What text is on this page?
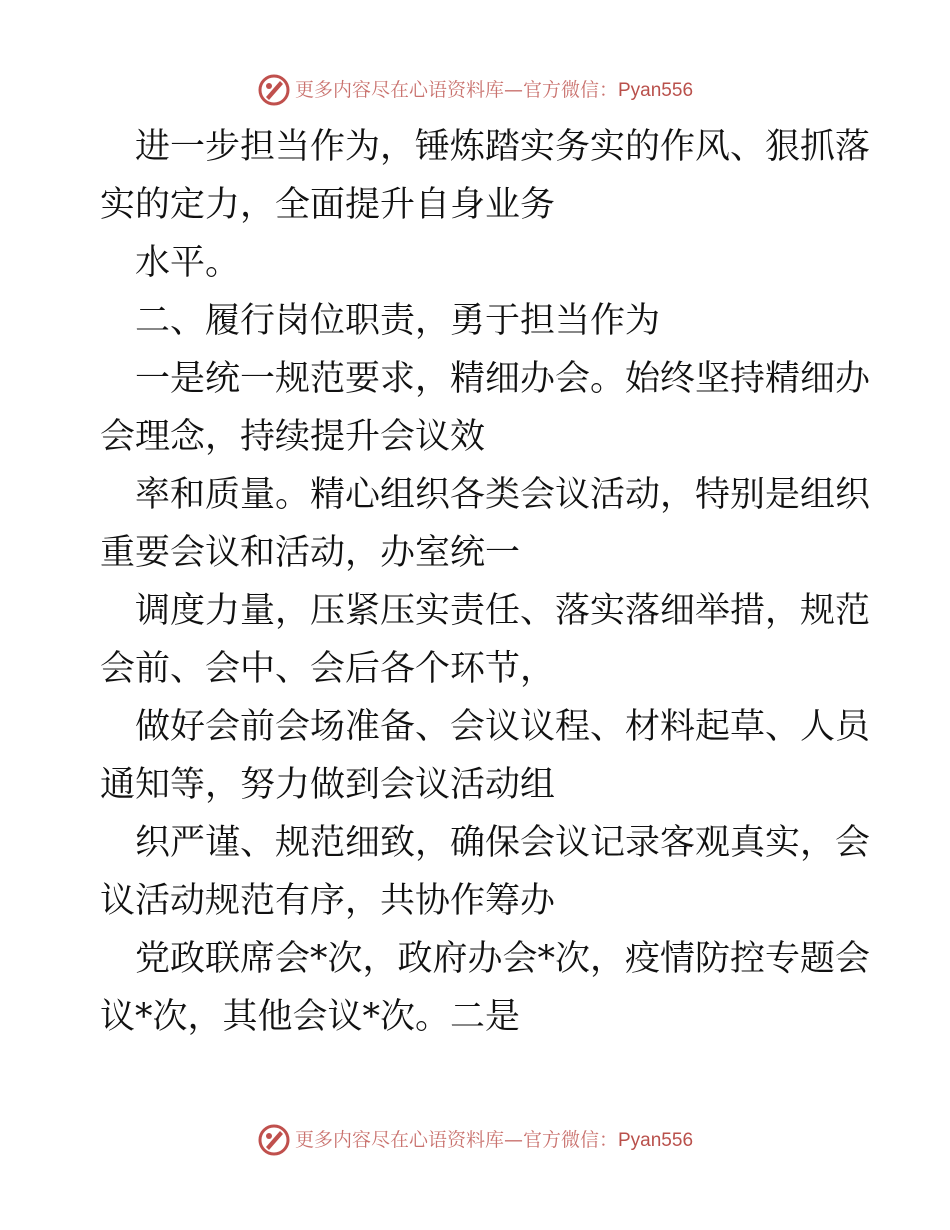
更多内容尽在心语资料库—官方微信：Pyan556
进一步担当作为，锤炼踏实务实的作风、狠抓落
实的定力，全面提升自身业务
水平。
二、履行岗位职责，勇于担当作为
一是统一规范要求，精细办会。始终坚持精细办
会理念，持续提升会议效
率和质量。精心组织各类会议活动，特别是组织
重要会议和活动，办室统一
调度力量，压紧压实责任、落实落细举措，规范
会前、会中、会后各个环节，
做好会前会场准备、会议议程、材料起草、人员
通知等，努力做到会议活动组
织严谨、规范细致，确保会议记录客观真实，会
议活动规范有序，共协作筹办
党政联席会*次，政府办会*次，疫情防控专题会
议*次，其他会议*次。二是
更多内容尽在心语资料库—官方微信：Pyan556
